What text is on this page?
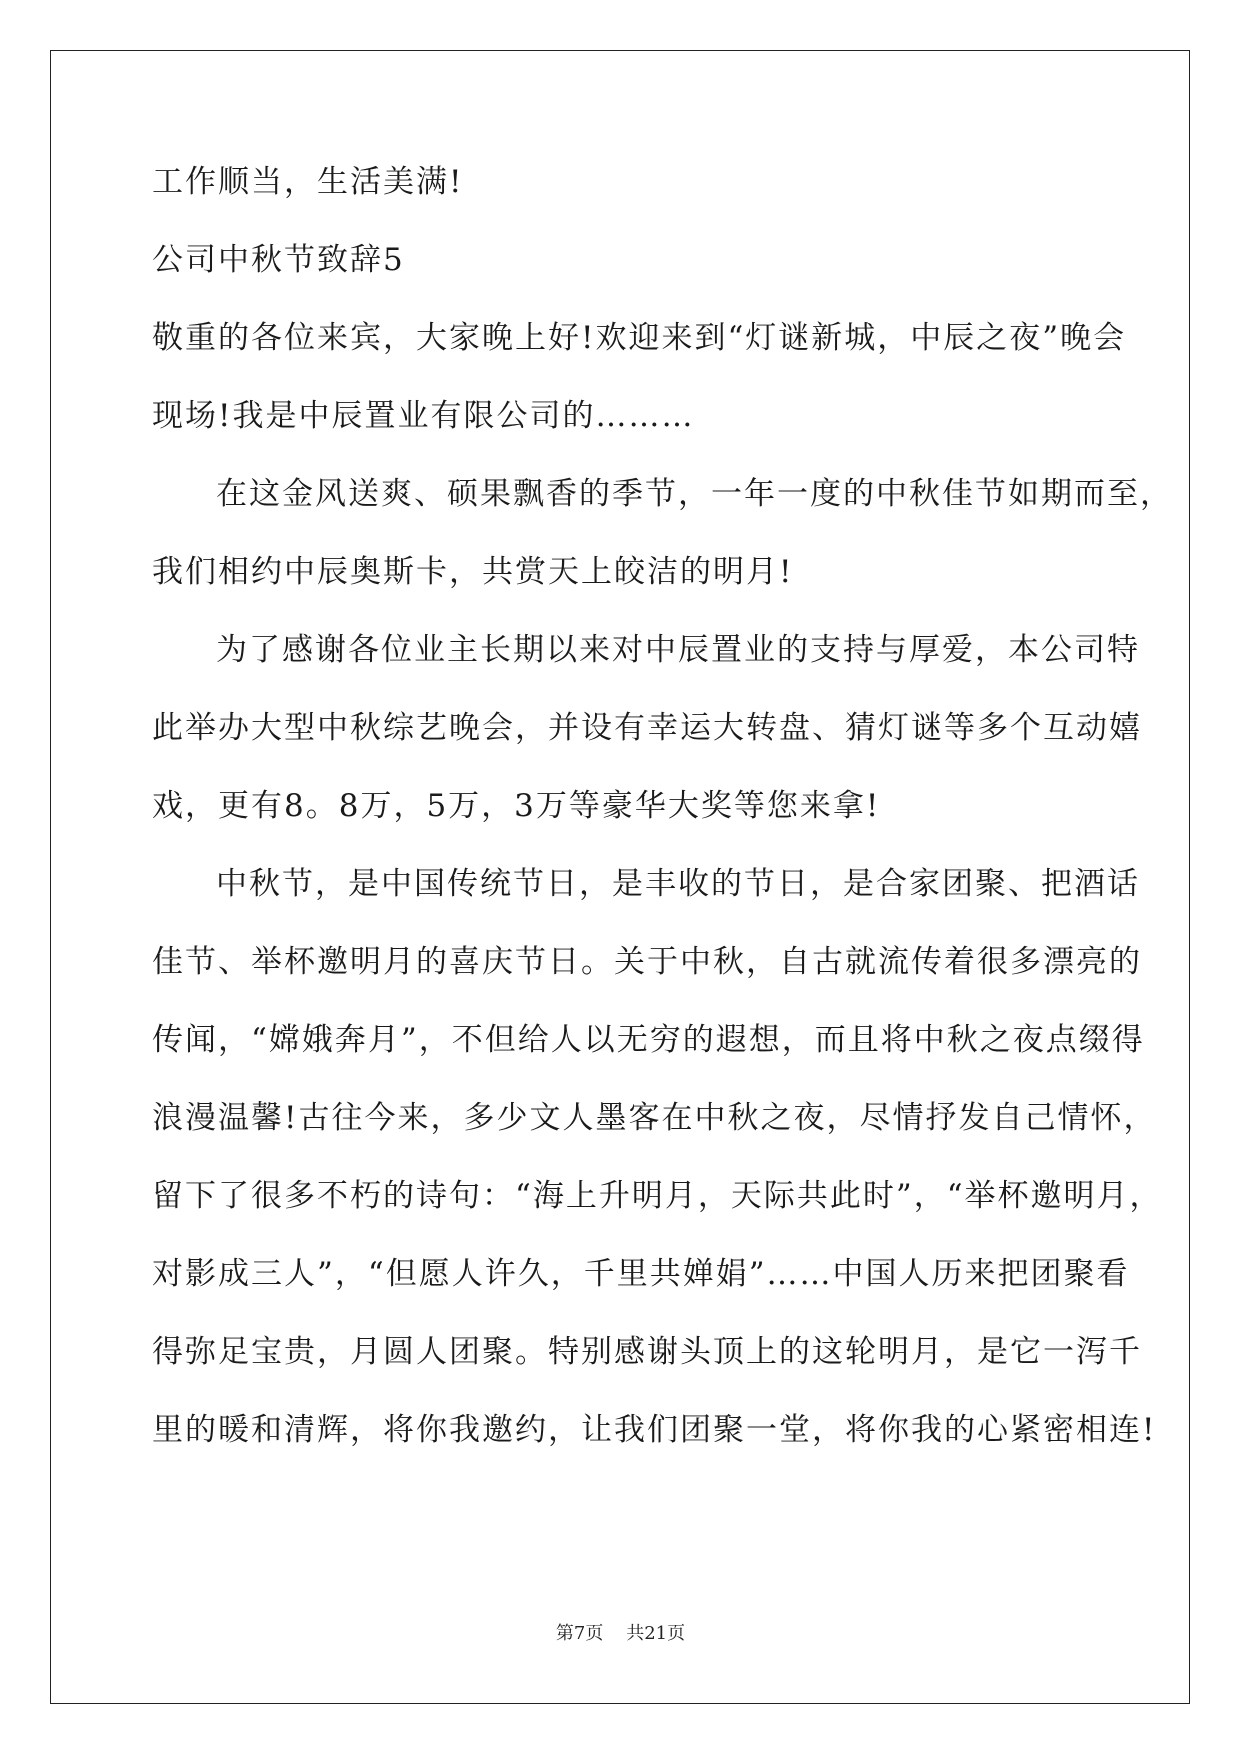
工作顺当，生活美满!
公司中秋节致辞5
敬重的各位来宾，大家晚上好!欢迎来到“灯谜新城，中辰之夜”晚会
现场!我是中辰置业有限公司的………
在这金风送爽、硕果飘香的季节，一年一度的中秋佳节如期而至，
我们相约中辰奥斯卡，共赏天上皎洁的明月!
为了感谢各位业主长期以来对中辰置业的支持与厚爱，本公司特
此举办大型中秋综艺晚会，并设有幸运大转盘、猜灯谜等多个互动嬉
戏，更有8。8万，5万，3万等豪华大奖等您来拿!
中秋节，是中国传统节日，是丰收的节日，是合家团聚、把酒话
佳节、举杯邀明月的喜庆节日。关于中秋，自古就流传着很多漂亮的
传闻，“嫦娥奔月”，不但给人以无穷的遐想，而且将中秋之夜点缀得
浪漫温馨!古往今来，多少文人墨客在中秋之夜，尽情抒发自己情怀，
留下了很多不朽的诗句：“海上升明月，天际共此时”，“举杯邀明月，
对影成三人”，“但愿人许久，千里共婵娟”……中国人历来把团聚看
得弥足宝贵，月圆人团聚。特别感谢头顶上的这轮明月，是它一泻千
里的暖和清辉，将你我邀约，让我们团聚一堂，将你我的心紧密相连!
第7页 共21页
